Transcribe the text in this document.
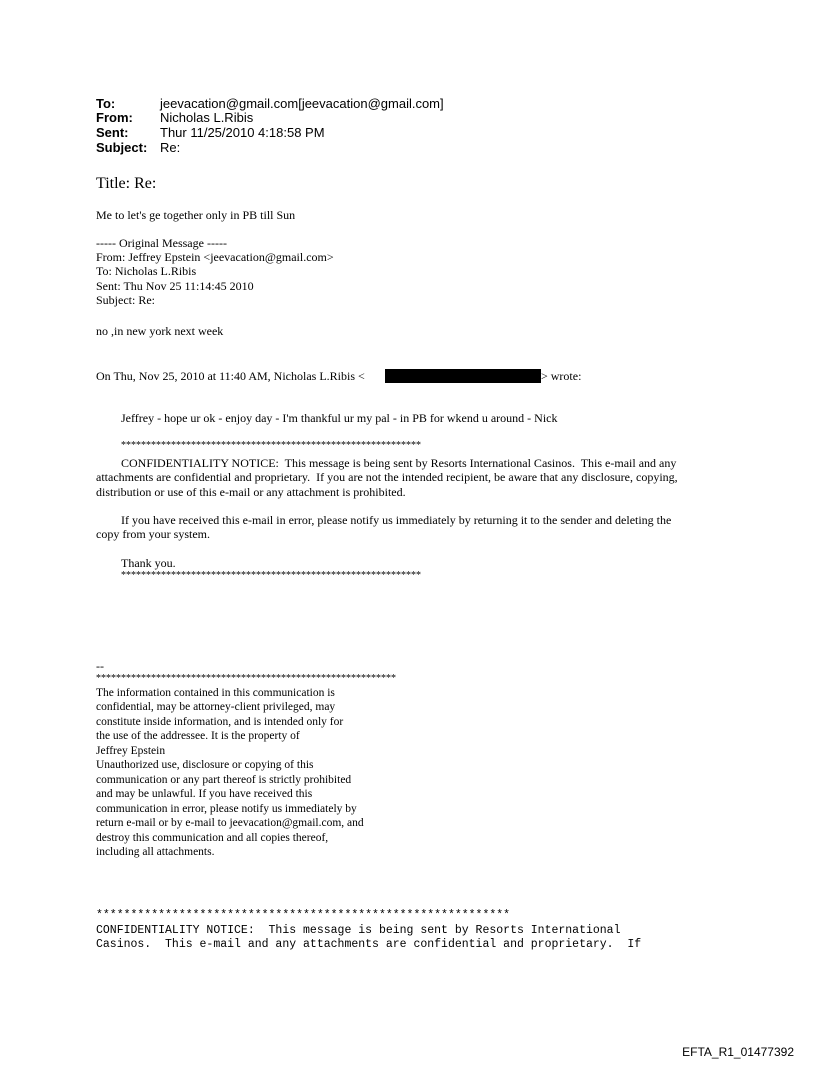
To:	jeevacation@gmail.com[jeevacation@gmail.com]
From: Nicholas L.Ribis
Sent: Thur 11/25/2010 4:18:58 PM
Subject: Re:
Title: Re:
Me to let's ge together only in PB till Sun
----- Original Message -----
From: Jeffrey Epstein <jeevacation@gmail.com>
To: Nicholas L.Ribis
Sent: Thu Nov 25 11:14:45 2010
Subject: Re:
no ,in new york next week
On Thu, Nov 25, 2010 at 11:40 AM, Nicholas L.Ribis <	> wrote:
Jeffrey - hope ur ok - enjoy day - I'm thankful ur my pal - in PB for wkend u around - Nick
************************************************************
CONFIDENTIALITY NOTICE:  This message is being sent by Resorts International Casinos.  This e-mail and any
attachments are confidential and proprietary.  If you are not the intended recipient, be aware that any disclosure, copying,
distribution or use of this e-mail or any attachment is prohibited.
If you have received this e-mail in error, please notify us immediately by returning it to the sender and deleting the
copy from your system.
Thank you.
************************************************************
--
************************************************************
The information contained in this communication is
confidential, may be attorney-client privileged, may
constitute inside information, and is intended only for
the use of the addressee. It is the property of
Jeffrey Epstein
Unauthorized use, disclosure or copying of this
communication or any part thereof is strictly prohibited
and may be unlawful. If you have received this
communication in error, please notify us immediately by
return e-mail or by e-mail to jeevacation@gmail.com, and
destroy this communication and all copies thereof,
including all attachments.
************************************************************
CONFIDENTIALITY NOTICE:  This message is being sent by Resorts International
Casinos.  This e-mail and any attachments are confidential and proprietary.  If
EFTA_R1_01477392
